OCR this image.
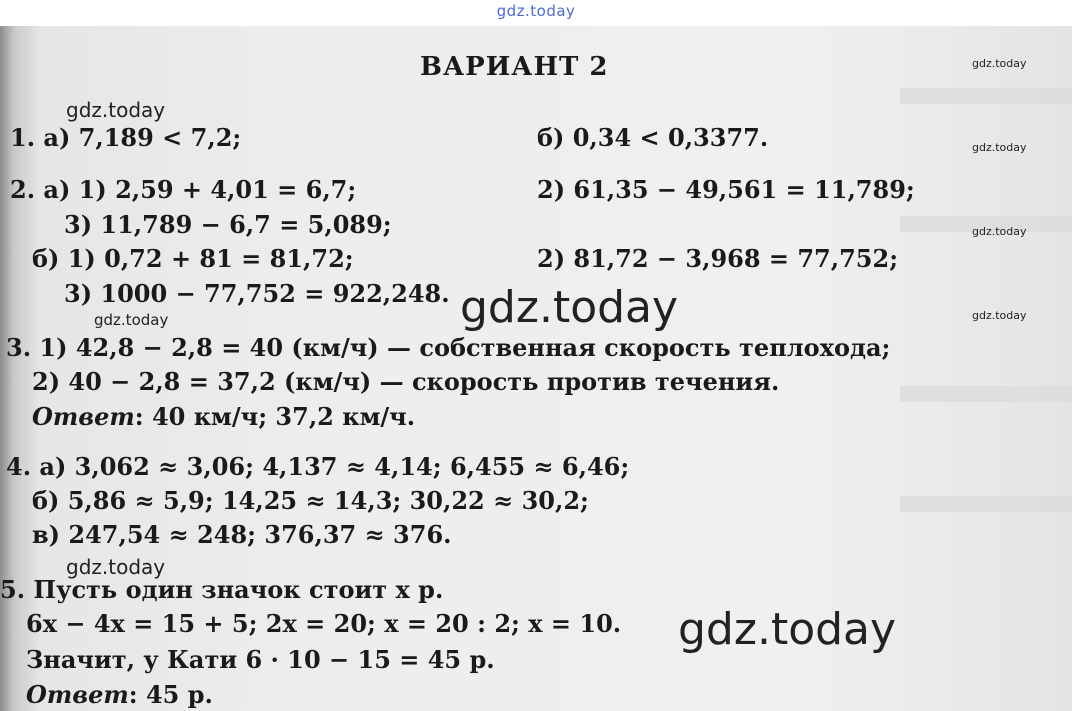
gdz.today
ВАРИАНТ 2
1. а) 7,189 < 7,2;	б) 0,34 < 0,3377.
2. а) 1) 2,59 + 4,01 = 6,7;	2) 61,35 − 49,561 = 11,789;
3) 11,789 − 6,7 = 5,089;
б) 1) 0,72 + 81 = 81,72;	2) 81,72 − 3,968 = 77,752;
3) 1000 − 77,752 = 922,248.
3. 1) 42,8 − 2,8 = 40 (км/ч) — собственная скорость теплохода;
2) 40 − 2,8 = 37,2 (км/ч) — скорость против течения.
Ответ: 40 км/ч; 37,2 км/ч.
4. а) 3,062 ≈ 3,06; 4,137 ≈ 4,14; 6,455 ≈ 6,46;
б) 5,86 ≈ 5,9; 14,25 ≈ 14,3; 30,22 ≈ 30,2;
в) 247,54 ≈ 248; 376,37 ≈ 376.
5. Пусть один значок стоит x р.
6x − 4x = 15 + 5; 2x = 20; x = 20 : 2; x = 10.
Значит, у Кати 6 · 10 − 15 = 45 р.
Ответ: 45 р.
gdz.today
gdz.today
gdz.today
gdz.today
gdz.today
gdz.today
gdz.today
gdz.today
gdz.today
